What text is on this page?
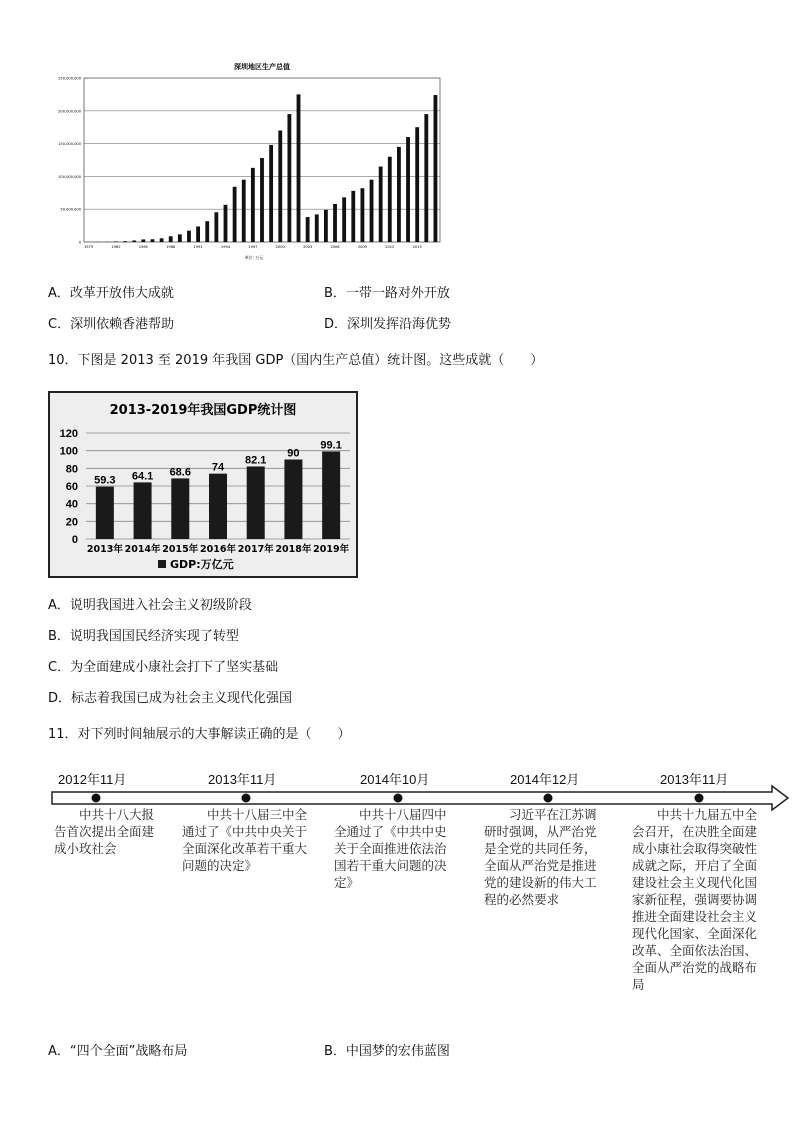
深圳地区生产总值
0
50,000,000
100,000,000
150,000,000
200,000,000
250,000,000
1979	1982	1985	1988	1991	1994	1997	2000	2003	2006	2009	2012	2015
单位: 万元
A．改革开放伟大成就	B．一带一路对外开放
C．深圳依赖香港帮助	D．深圳发挥沿海优势
10．下图是 2013 至 2019 年我国 GDP（国内生产总值）统计图。这些成就（　　）
2013-2019年我国GDP统计图
0
20
40
60
80
100
120
59.3
2013年
64.1
2014年
68.6
2015年
74
2016年
82.1
2017年
90
2018年
99.1
2019年
GDP:万亿元
A．说明我国进入社会主义初级阶段
B．说明我国国民经济实现了转型
C．为全面建成小康社会打下了坚实基础
D．标志着我国已成为社会主义现代化强国
11．对下列时间轴展示的大事解读正确的是（　　）
2012年11月	2013年11月	2014年10月	2014年12月	2013年11月
　　中共十八大报告首次提出全面建成小玫社会
　　中共十八届三中全通过了《中共中央关于全面深化改革若干重大问题的决定》
　　中共十八届四中全通过了《中共中史关于全面推进依法治国若干重大问题的决定》
　　习近平在江苏调研时强调，从严治党是全党的共同任务，全面从严治党是推进党的建设新的伟大工程的必然要求
　　中共十九届五中全会召开，在决胜全面建成小康社会取得突破性成就之际，开启了全面建设社会主义现代化国家新征程，强调要协调推进全面建设社会主义现代化国家、全面深化改革、全面依法治国、全面从严治党的战略布局
A．“四个全面”战略布局	B．中国梦的宏伟蓝图
